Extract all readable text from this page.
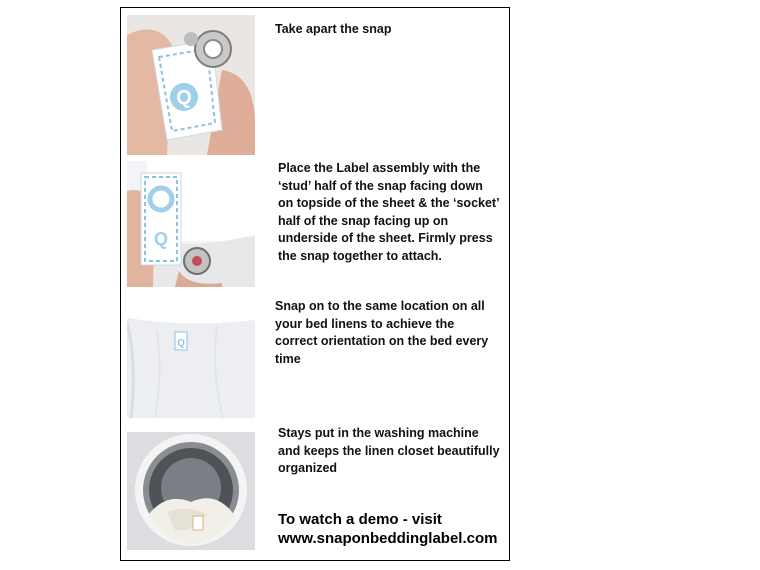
Q

Take apart the snap

Q

Place the Label assembly with the ‘stud’ half of the snap facing down on topside of the sheet & the ‘socket’ half of the snap facing up on underside of the sheet. Firmly press the snap together to attach.

Q

Snap on to the same location on all your bed linens to achieve the correct orientation on the bed every time

Stays put in the washing machine and keeps the linen closet beautifully organized

To watch a demo - visit
www.snaponbeddinglabel.com
